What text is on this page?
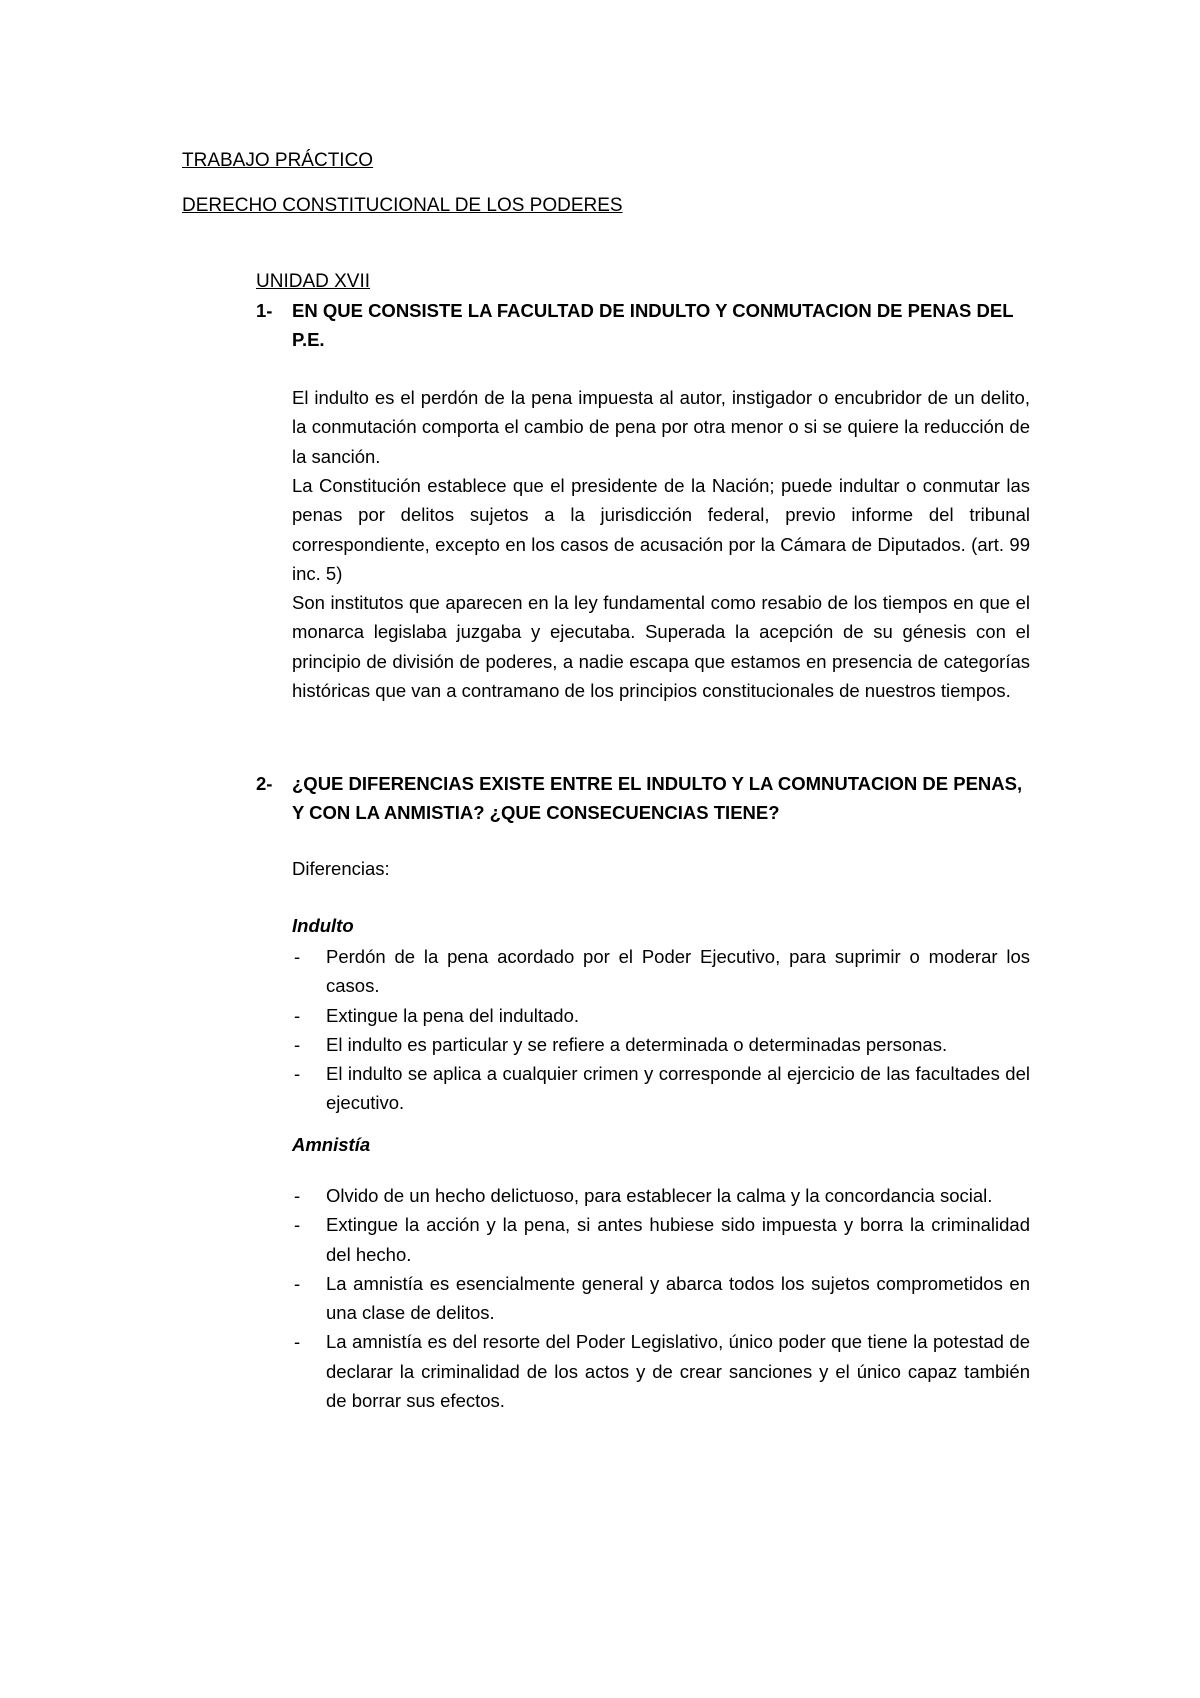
TRABAJO PRÁCTICO

DERECHO CONSTITUCIONAL DE LOS PODERES

UNIDAD XVII

1-	EN QUE CONSISTE LA FACULTAD DE INDULTO Y CONMUTACION DE PENAS DEL P.E.

El indulto es el perdón de la pena impuesta al autor, instigador o encubridor de un delito, la conmutación comporta el cambio de pena por otra menor o si se quiere la reducción de la sanción.

La Constitución establece que el presidente de la Nación; puede indultar o conmutar las penas por delitos sujetos a la jurisdicción federal, previo informe del tribunal correspondiente, excepto en los casos de acusación por la Cámara de Diputados. (art. 99 inc. 5)

Son institutos que aparecen en la ley fundamental como resabio de los tiempos en que el monarca legislaba juzgaba y ejecutaba. Superada la acepción de su génesis con el principio de división de poderes, a nadie escapa que estamos en presencia de categorías históricas que van a contramano de los principios constitucionales de nuestros tiempos.

2-	¿QUE DIFERENCIAS EXISTE ENTRE EL INDULTO Y LA COMNUTACION DE PENAS, Y CON LA ANMISTIA? ¿QUE CONSECUENCIAS TIENE?

Diferencias:

Indulto

- Perdón de la pena acordado por el Poder Ejecutivo, para suprimir o moderar los casos.
- Extingue la pena del indultado.
- El indulto es particular y se refiere a determinada o determinadas personas.
- El indulto se aplica a cualquier crimen y corresponde al ejercicio de las facultades del ejecutivo.

Amnistía

- Olvido de un hecho delictuoso, para establecer la calma y la concordancia social.
- Extingue la acción y la pena, si antes hubiese sido impuesta y borra la criminalidad del hecho.
- La amnistía es esencialmente general y abarca todos los sujetos comprometidos en una clase de delitos.
- La amnistía es del resorte del Poder Legislativo, único poder que tiene la potestad de declarar la criminalidad de los actos y de crear sanciones y el único capaz también de borrar sus efectos.
